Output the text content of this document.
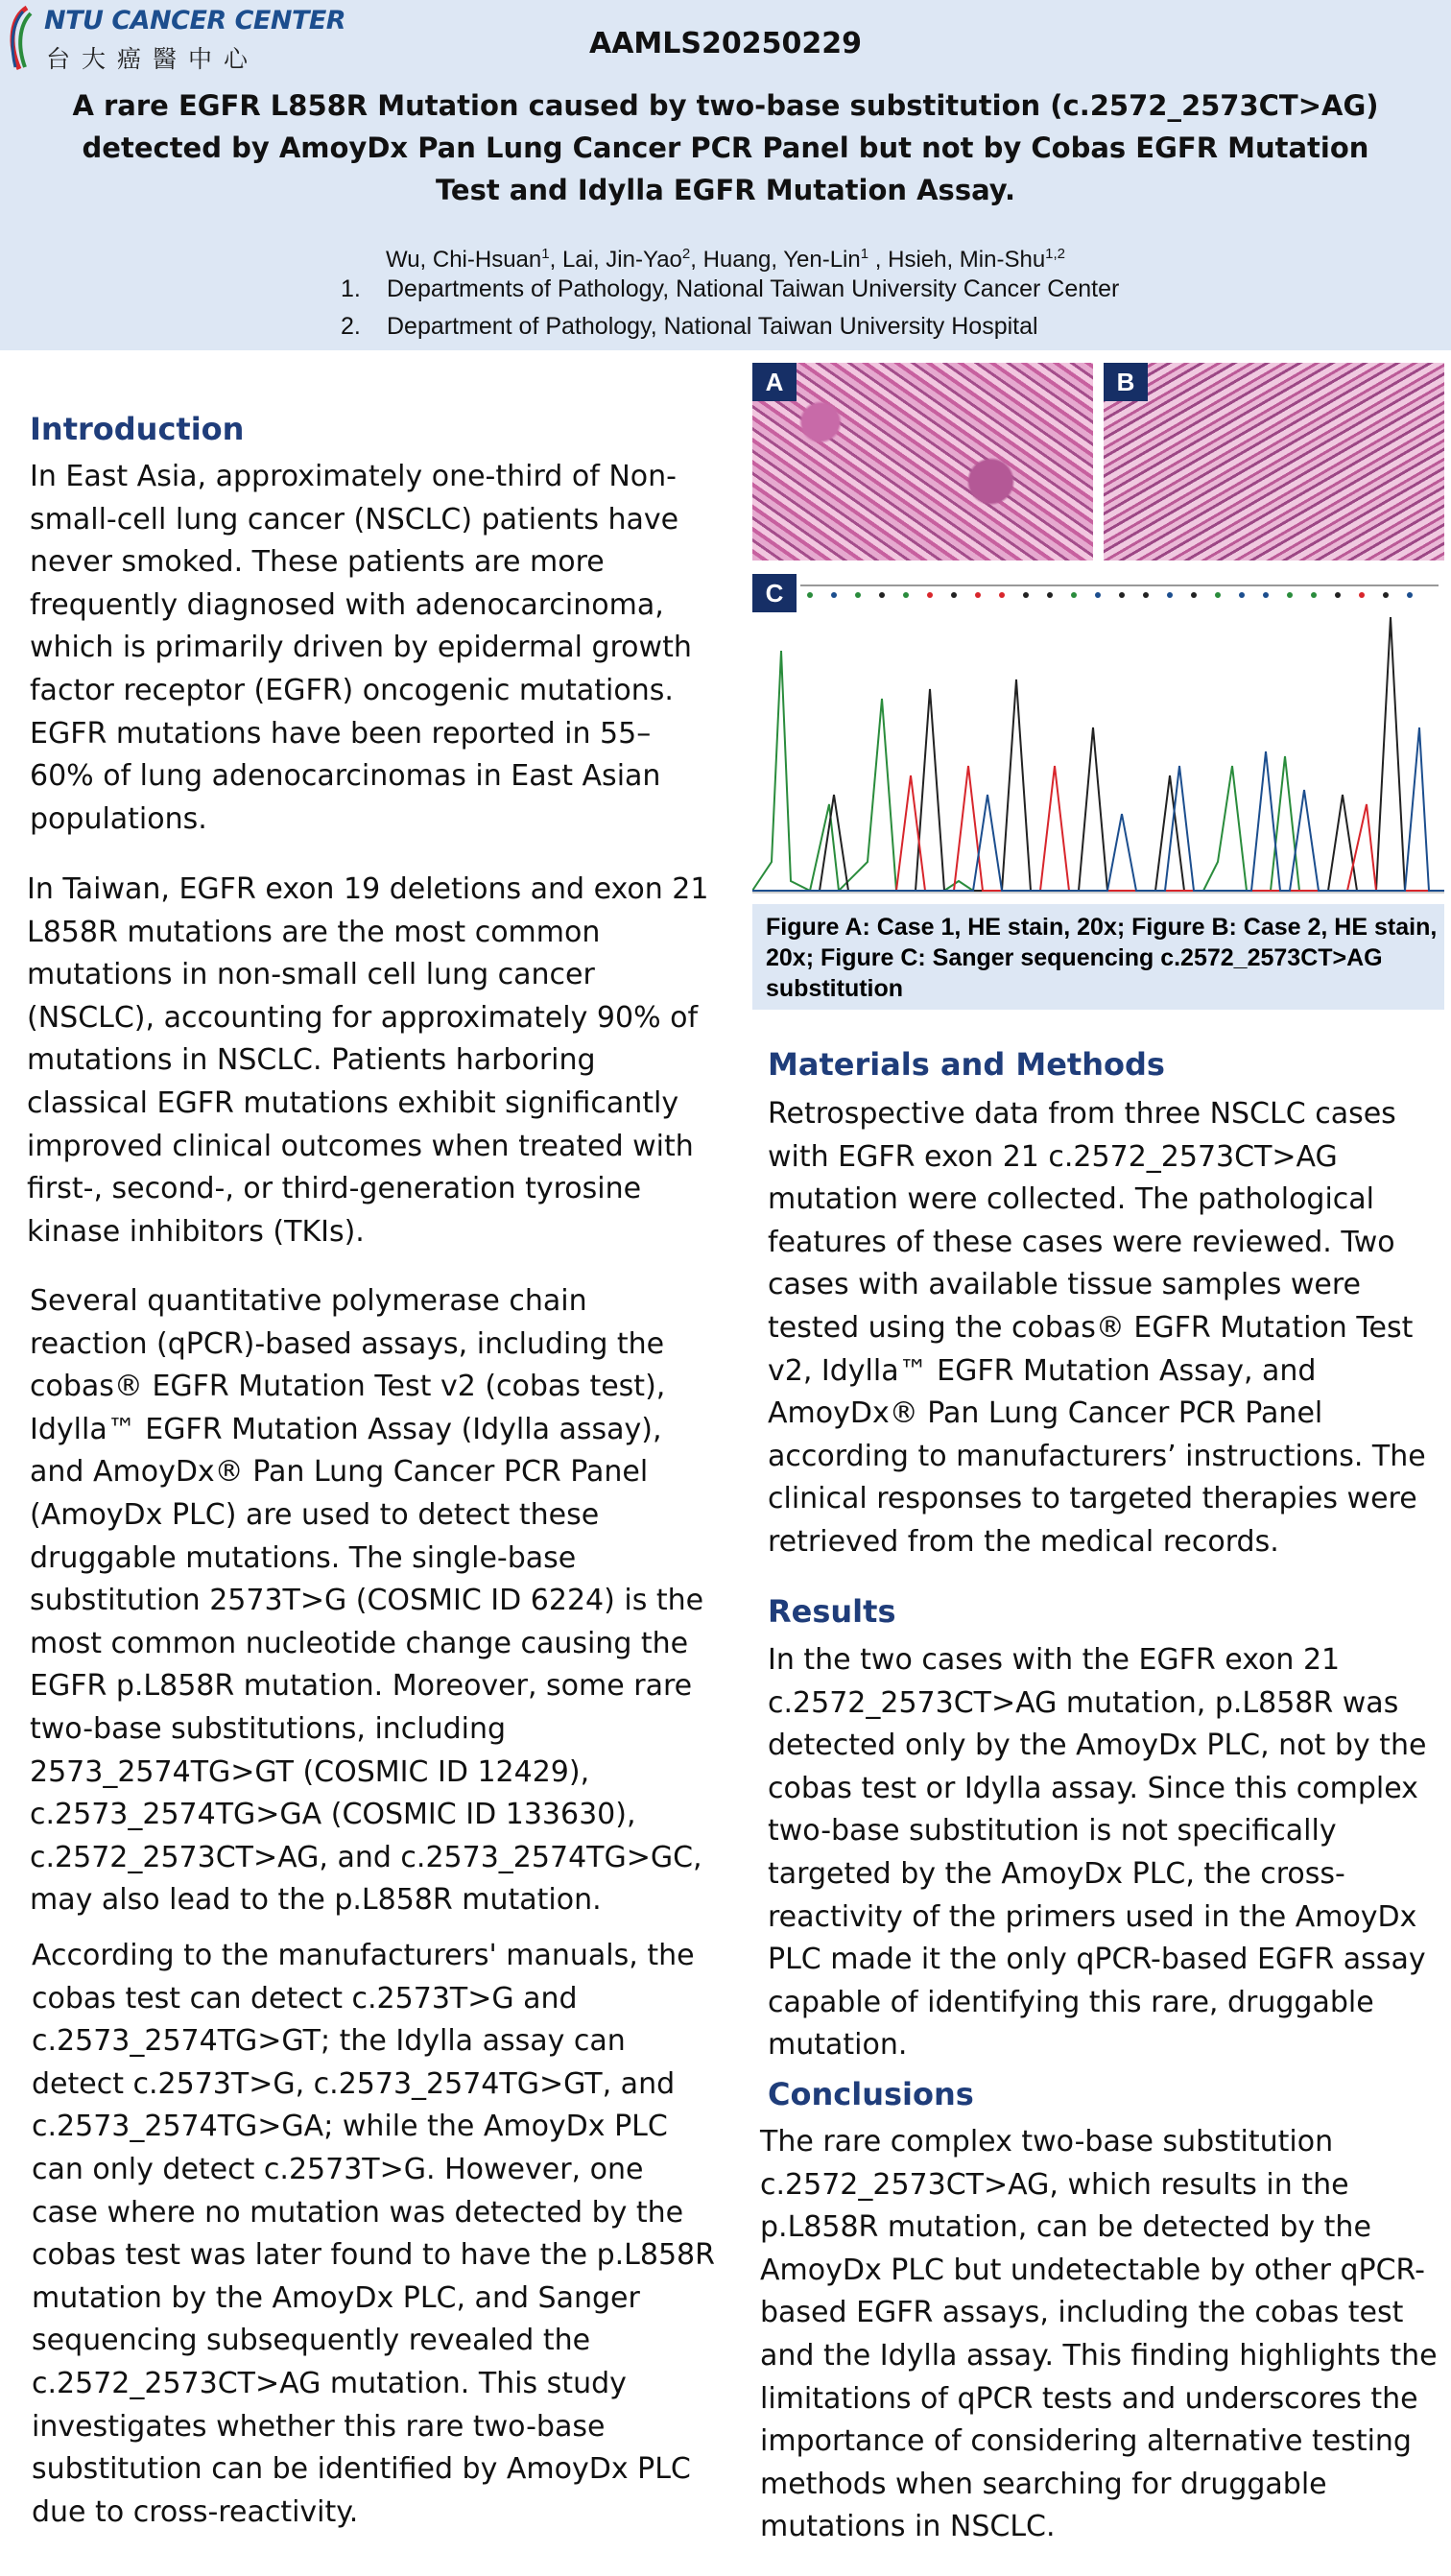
NTU CANCER CENTER
台大癌醫中心	AAMLS20250229
A rare EGFR L858R Mutation caused by two-base substitution (c.2572_2573CT>AG) detected by AmoyDx Pan Lung Cancer PCR Panel but not by Cobas EGFR Mutation Test and Idylla EGFR Mutation Assay.
Wu, Chi-Hsuan$^1$, Lai, Jin-Yao$^2$, Huang, Yen-Lin$^1$ , Hsieh, Min-Shu$^{1,2}$
1. Departments of Pathology, National Taiwan University Cancer Center
2. Department of Pathology, National Taiwan University Hospital
Introduction
In East Asia, approximately one-third of Non-small-cell lung cancer (NSCLC) patients have never smoked. These patients are more frequently diagnosed with adenocarcinoma, which is primarily driven by epidermal growth factor receptor (EGFR) oncogenic mutations. EGFR mutations have been reported in 55–60% of lung adenocarcinomas in East Asian populations.
In Taiwan, EGFR exon 19 deletions and exon 21 L858R mutations are the most common mutations in non-small cell lung cancer (NSCLC), accounting for approximately 90% of mutations in NSCLC. Patients harboring classical EGFR mutations exhibit significantly improved clinical outcomes when treated with first-, second-, or third-generation tyrosine kinase inhibitors (TKIs).
Several quantitative polymerase chain reaction (qPCR)-based assays, including the cobas® EGFR Mutation Test v2 (cobas test), Idylla™ EGFR Mutation Assay (Idylla assay), and AmoyDx® Pan Lung Cancer PCR Panel (AmoyDx PLC) are used to detect these druggable mutations. The single-base substitution 2573T>G (COSMIC ID 6224) is the most common nucleotide change causing the EGFR p.L858R mutation. Moreover, some rare two-base substitutions, including 2573_2574TG>GT (COSMIC ID 12429), c.2573_2574TG>GA (COSMIC ID 133630), c.2572_2573CT>AG, and c.2573_2574TG>GC, may also lead to the p.L858R mutation.
According to the manufacturers' manuals, the cobas test can detect c.2573T>G and c.2573_2574TG>GT; the Idylla assay can detect c.2573T>G, c.2573_2574TG>GT, and c.2573_2574TG>GA; while the AmoyDx PLC can only detect c.2573T>G. However, one case where no mutation was detected by the cobas test was later found to have the p.L858R mutation by the AmoyDx PLC, and Sanger sequencing subsequently revealed the c.2572_2573CT>AG mutation. This study investigates whether this rare two-base substitution can be identified by AmoyDx PLC due to cross-reactivity.
A	B
C
Figure A: Case 1, HE stain, 20x; Figure B: Case 2, HE stain, 20x; Figure C: Sanger sequencing c.2572_2573CT>AG substitution
Materials and Methods
Retrospective data from three NSCLC cases with EGFR exon 21 c.2572_2573CT>AG mutation were collected. The pathological features of these cases were reviewed. Two cases with available tissue samples were tested using the cobas® EGFR Mutation Test v2, Idylla™ EGFR Mutation Assay, and AmoyDx® Pan Lung Cancer PCR Panel according to manufacturers’ instructions. The clinical responses to targeted therapies were retrieved from the medical records.
Results
In the two cases with the EGFR exon 21 c.2572_2573CT>AG mutation, p.L858R was detected only by the AmoyDx PLC, not by the cobas test or Idylla assay. Since this complex two-base substitution is not specifically targeted by the AmoyDx PLC, the cross-reactivity of the primers used in the AmoyDx PLC made it the only qPCR-based EGFR assay capable of identifying this rare, druggable mutation.
Conclusions
The rare complex two-base substitution c.2572_2573CT>AG, which results in the p.L858R mutation, can be detected by the AmoyDx PLC but undetectable by other qPCR-based EGFR assays, including the cobas test and the Idylla assay. This finding highlights the limitations of qPCR tests and underscores the importance of considering alternative testing methods when searching for druggable mutations in NSCLC.
